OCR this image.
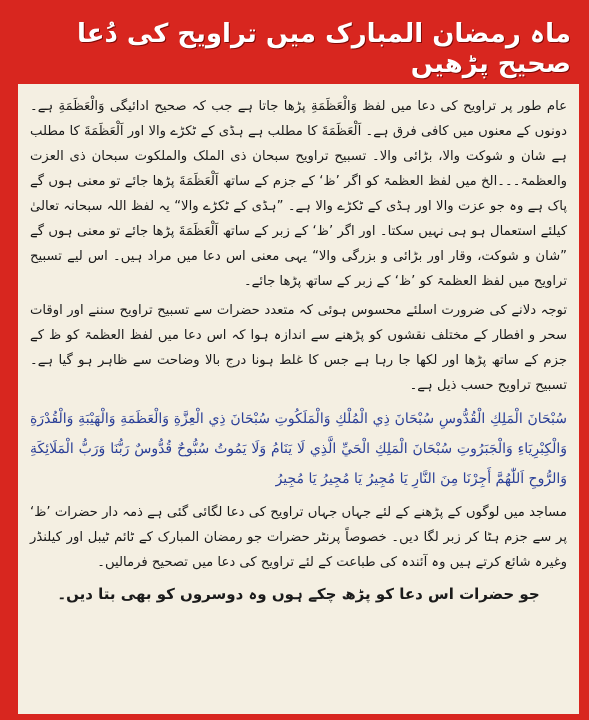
ماہ رمضان المبارک میں تراویح کی دُعا صحیح پڑھیں

عام طور پر تراویح کی دعا میں لفظ وَالْعَظَمَةِ پڑھا جاتا ہے جب کہ صحیح ادائیگی وَالْعَظَمَةِ ہے۔ دونوں کے معنوں میں کافی فرق ہے۔ اَلْعَظَمَةَ کا مطلب ہے ہڈی کے ٹکڑے والا اور اَلْعَظَمَةَ کا مطلب ہے شان و شوکت والا، بڑائی والا۔ تسبیح تراویح سبحان ذی الملک والملکوت سبحان ذی العزت والعظمۃ۔۔۔الخ میں لفظ العظمۃ کو اگر ’ظ‘ کے جزم کے ساتھ اَلْعَظَمَةَ پڑھا جائے تو معنی ہوں گے پاک ہے وہ جو عزت والا اور ہڈی کے ٹکڑے والا ہے۔ ”ہڈی کے ٹکڑے والا“ یہ لفظ اللہ سبحانہ تعالیٰ کیلئے استعمال ہو ہی نہیں سکتا۔ اور اگر ’ظ‘ کے زبر کے ساتھ اَلْعَظَمَةَ پڑھا جائے تو معنی ہوں گے ”شان و شوکت، وقار اور بڑائی و بزرگی والا“ یہی معنی اس دعا میں مراد ہیں۔ اس لیے تسبیح تراویح میں لفظ العظمۃ کو ’ظ‘ کے زبر کے ساتھ پڑھا جائے۔

توجہ دلانے کی ضرورت اسلئے محسوس ہوئی کہ متعدد حضرات سے تسبیح تراویح سننے اور اوقات سحر و افطار کے مختلف نقشوں کو پڑھنے سے اندازہ ہوا کہ اس دعا میں لفظ العظمۃ کو ظ کے جزم کے ساتھ پڑھا اور لکھا جا رہا ہے جس کا غلط ہونا درج بالا وضاحت سے ظاہر ہو گیا ہے۔ تسبیح تراویح حسب ذیل ہے۔

سُبْحَانَ الْمَلِكِ الْقُدُّوسِ سُبْحَانَ ذِي الْمُلْكِ وَالْمَلَكُوتِ سُبْحَانَ ذِي الْعِزَّةِ وَالْعَظَمَةِ وَالْهَيْبَةِ وَالْقُدْرَةِ وَالْكِبْرِيَاءِ وَالْجَبَرُوتِ سُبْحَانَ الْمَلِكِ الْحَيِّ الَّذِي لَا يَنَامُ وَلَا يَمُوتُ سُبُّوحٌ قُدُّوسٌ رَبُّنَا وَرَبُّ الْمَلَائِكَةِ وَالرُّوحِ اَللّٰهُمَّ أَجِرْنَا مِنَ النَّارِ يَا مُجِيرُ يَا مُجِيرُ يَا مُجِيرُ

مساجد میں لوگوں کے پڑھنے کے لئے جہاں جہاں تراویح کی دعا لگائی گئی ہے ذمہ دار حضرات ’ظ‘ پر سے جزم ہٹا کر زبر لگا دیں۔ خصوصاً پرنٹر حضرات جو رمضان المبارک کے ٹائم ٹیبل اور کیلنڈر وغیرہ شائع کرتے ہیں وہ آئندہ کی طباعت کے لئے تراویح کی دعا میں تصحیح فرمالیں۔

جو حضرات اس دعا کو پڑھ چکے ہوں وہ دوسروں کو بھی بتا دیں۔
